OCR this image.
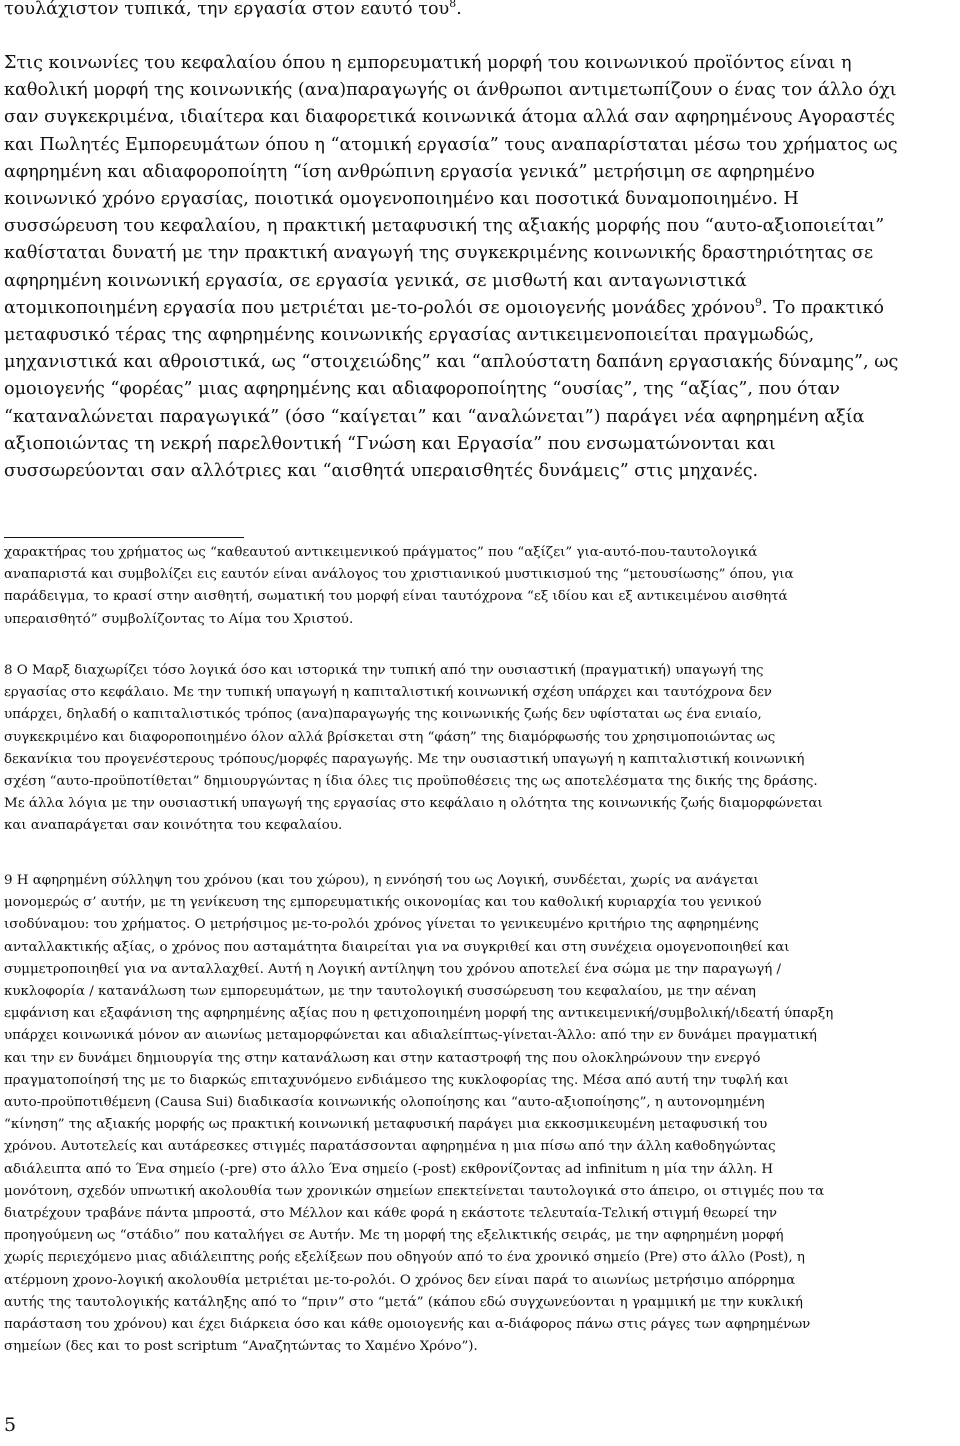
τουλάχιστον τυπικά, την εργασία στον εαυτό του$^8$.

Στις κοινωνίες του κεφαλαίου όπου η εμπορευματική μορφή του κοινωνικού προϊόντος είναι η
καθολική μορφή της κοινωνικής (ανα)παραγωγής οι άνθρωποι αντιμετωπίζουν ο ένας τον άλλο όχι
σαν συγκεκριμένα, ιδιαίτερα και διαφορετικά κοινωνικά άτομα αλλά σαν αφηρημένους Αγοραστές
και Πωλητές Εμπορευμάτων όπου η “ατομική εργασία” τους αναπαρίσταται μέσω του χρήματος ως
αφηρημένη και αδιαφοροποίητη “ίση ανθρώπινη εργασία γενικά” μετρήσιμη σε αφηρημένο
κοινωνικό χρόνο εργασίας, ποιοτικά ομογενοποιημένο και ποσοτικά δυναμοποιημένο. Η
συσσώρευση του κεφαλαίου, η πρακτική μεταφυσική της αξιακής μορφής που “αυτο-αξιοποιείται”
καθίσταται δυνατή με την πρακτική αναγωγή της συγκεκριμένης κοινωνικής δραστηριότητας σε
αφηρημένη κοινωνική εργασία, σε εργασία γενικά, σε μισθωτή και ανταγωνιστικά
ατομικοποιημένη εργασία που μετριέται με-το-ρολόι σε ομοιογενής μονάδες χρόνου$^9$. Το πρακτικό
μεταφυσικό τέρας της αφηρημένης κοινωνικής εργασίας αντικειμενοποιείται πραγμωδώς,
μηχανιστικά και αθροιστικά, ως “στοιχειώδης” και “απλούστατη δαπάνη εργασιακής δύναμης”, ως
ομοιογενής “φορέας” μιας αφηρημένης και αδιαφοροποίητης “ουσίας”, της “αξίας”, που όταν
“καταναλώνεται παραγωγικά” (όσο “καίγεται” και “αναλώνεται”) παράγει νέα αφηρημένη αξία
αξιοποιώντας τη νεκρή παρελθοντική “Γνώση και Εργασία” που ενσωματώνονται και
συσσωρεύονται σαν αλλότριες και “αισθητά υπεραισθητές δυνάμεις” στις μηχανές.

χαρακτήρας του χρήματος ως “καθεαυτού αντικειμενικού πράγματος” που “αξίζει” για-αυτό-που-ταυτολογικά
αναπαριστά και συμβολίζει εις εαυτόν είναι ανάλογος του χριστιανικού μυστικισμού της “μετουσίωσης” όπου, για
παράδειγμα, το κρασί στην αισθητή, σωματική του μορφή είναι ταυτόχρονα “εξ ιδίου και εξ αντικειμένου αισθητά
υπεραισθητό” συμβολίζοντας το Αίμα του Χριστού.

8 Ο Μαρξ διαχωρίζει τόσο λογικά όσο και ιστορικά την τυπική από την ουσιαστική (πραγματική) υπαγωγή της
εργασίας στο κεφάλαιο. Με την τυπική υπαγωγή η καπιταλιστική κοινωνική σχέση υπάρχει και ταυτόχρονα δεν
υπάρχει, δηλαδή ο καπιταλιστικός τρόπος (ανα)παραγωγής της κοινωνικής ζωής δεν υφίσταται ως ένα ενιαίο,
συγκεκριμένο και διαφοροποιημένο όλον αλλά βρίσκεται στη “φάση” της διαμόρφωσής του χρησιμοποιώντας ως
δεκανίκια του προγενέστερους τρόπους/μορφές παραγωγής. Με την ουσιαστική υπαγωγή η καπιταλιστική κοινωνική
σχέση “αυτο-προϋποτίθεται” δημιουργώντας η ίδια όλες τις προϋποθέσεις της ως αποτελέσματα της δικής της δράσης.
Με άλλα λόγια με την ουσιαστική υπαγωγή της εργασίας στο κεφάλαιο η ολότητα της κοινωνικής ζωής διαμορφώνεται
και αναπαράγεται σαν κοινότητα του κεφαλαίου.

9 Η αφηρημένη σύλληψη του χρόνου (και του χώρου), η εννόησή του ως Λογική, συνδέεται, χωρίς να ανάγεται
μονομερώς σ’ αυτήν, με τη γενίκευση της εμπορευματικής οικονομίας και του καθολική κυριαρχία του γενικού
ισοδύναμου: του χρήματος. Ο μετρήσιμος με-το-ρολόι χρόνος γίνεται το γενικευμένο κριτήριο της αφηρημένης
ανταλλακτικής αξίας, ο χρόνος που ασταμάτητα διαιρείται για να συγκριθεί και στη συνέχεια ομογενοποιηθεί και
συμμετροποιηθεί για να ανταλλαχθεί. Αυτή η Λογική αντίληψη του χρόνου αποτελεί ένα σώμα με την παραγωγή /
κυκλοφορία / κατανάλωση των εμπορευμάτων, με την ταυτολογική συσσώρευση του κεφαλαίου, με την αέναη
εμφάνιση και εξαφάνιση της αφηρημένης αξίας που η φετιχοποιημένη μορφή της αντικειμενική/συμβολική/ιδεατή ύπαρξη
υπάρχει κοινωνικά μόνον αν αιωνίως μεταμορφώνεται και αδιαλείπτως-γίνεται-Άλλο: από την εν δυνάμει πραγματική
και την εν δυνάμει δημιουργία της στην κατανάλωση και στην καταστροφή της που ολοκληρώνουν την ενεργό
πραγματοποίησή της με το διαρκώς επιταχυνόμενο ενδιάμεσο της κυκλοφορίας της. Μέσα από αυτή την τυφλή και
αυτο-προϋποτιθέμενη (Causa Sui) διαδικασία κοινωνικής ολοποίησης και “αυτο-αξιοποίησης”, η αυτονομημένη
“κίνηση” της αξιακής μορφής ως πρακτική κοινωνική μεταφυσική παράγει μια εκκοσμικευμένη μεταφυσική του
χρόνου. Αυτοτελείς και αυτάρεσκες στιγμές παρατάσσονται αφηρημένα η μια πίσω από την άλλη καθοδηγώντας
αδιάλειπτα από το Ένα σημείο (-pre) στο άλλο Ένα σημείο (-post) εκθρονίζοντας ad infinitum η μία την άλλη. Η
μονότονη, σχεδόν υπνωτική ακολουθία των χρονικών σημείων επεκτείνεται ταυτολογικά στο άπειρο, οι στιγμές που τα
διατρέχουν τραβάνε πάντα μπροστά, στο Μέλλον και κάθε φορά η εκάστοτε τελευταία-Τελική στιγμή θεωρεί την
προηγούμενη ως “στάδιο” που καταλήγει σε Αυτήν. Με τη μορφή της εξελικτικής σειράς, με την αφηρημένη μορφή
χωρίς περιεχόμενο μιας αδιάλειπτης ροής εξελίξεων που οδηγούν από το ένα χρονικό σημείο (Pre) στο άλλο (Post), η
ατέρμονη χρονο-λογική ακολουθία μετριέται με-το-ρολόι. Ο χρόνος δεν είναι παρά το αιωνίως μετρήσιμο απόρρημα
αυτής της ταυτολογικής κατάληξης από το “πριν” στο “μετά” (κάπου εδώ συγχωνεύονται η γραμμική με την κυκλική
παράσταση του χρόνου) και έχει διάρκεια όσο και κάθε ομοιογενής και α-διάφορος πάνω στις ράγες των αφηρημένων
σημείων (δες και το post scriptum “Αναζητώντας το Χαμένο Χρόνο”).

5
